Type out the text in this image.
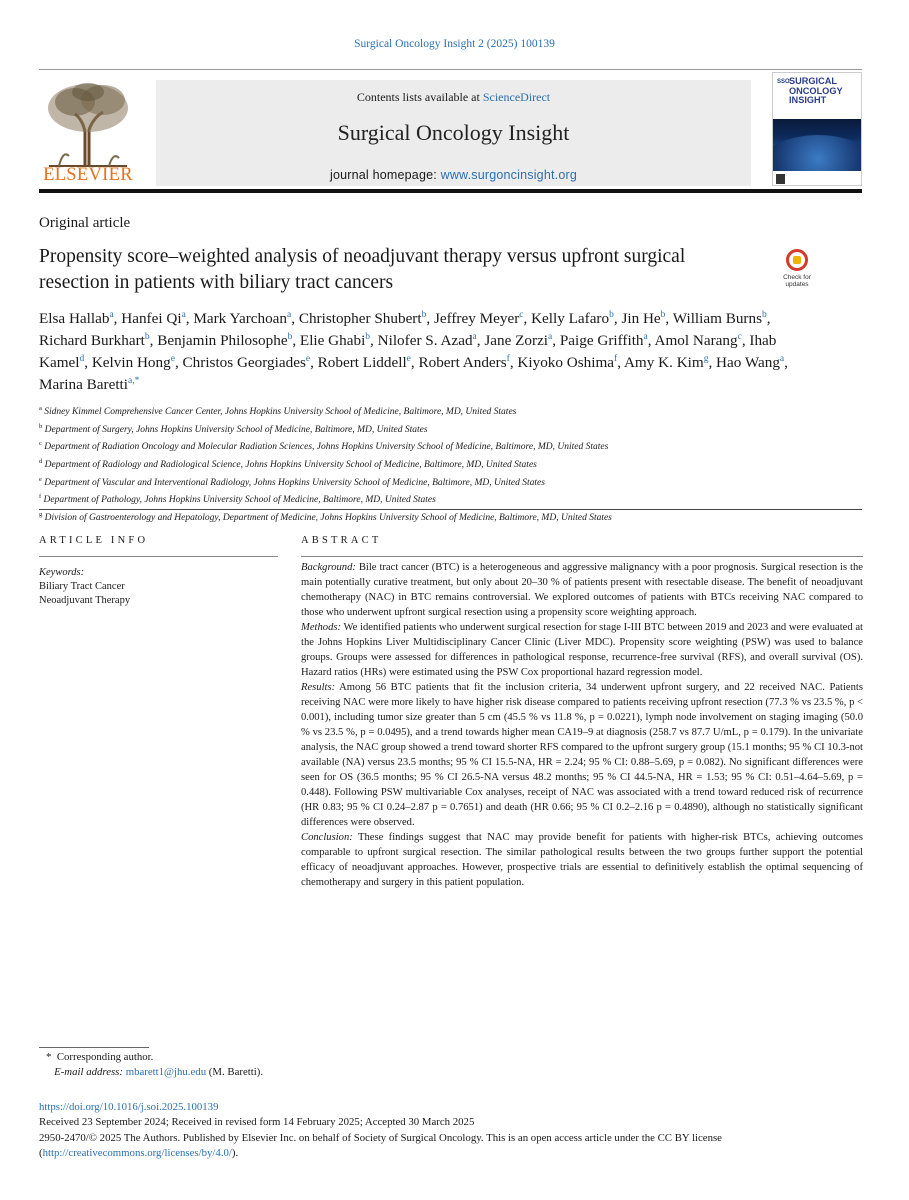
Surgical Oncology Insight 2 (2025) 100139
ELSEVIER
Contents lists available at ScienceDirect
Surgical Oncology Insight
journal homepage: www.surgoncinsight.org
SSO SURGICAL
ONCOLOGY
INSIGHT
Original article
Propensity score–weighted analysis of neoadjuvant therapy versus upfront surgical resection in patients with biliary tract cancers	Check for
updates
Elsa Hallab$^a$, Hanfei Qi$^a$, Mark Yarchoan$^a$, Christopher Shubert$^b$, Jeffrey Meyer$^c$, Kelly Lafaro$^b$, Jin He$^b$, William Burns$^b$, Richard Burkhart$^b$, Benjamin Philosophe$^b$, Elie Ghabi$^b$, Nilofer S. Azad$^a$, Jane Zorzi$^a$, Paige Griffith$^a$, Amol Narang$^c$, Ihab Kamel$^d$, Kelvin Hong$^e$, Christos Georgiades$^e$, Robert Liddell$^e$, Robert Anders$^f$, Kiyoko Oshima$^f$, Amy K. Kim$^g$, Hao Wang$^a$, Marina Baretti$^{a,*}$
$^a$ Sidney Kimmel Comprehensive Cancer Center, Johns Hopkins University School of Medicine, Baltimore, MD, United States
$^b$ Department of Surgery, Johns Hopkins University School of Medicine, Baltimore, MD, United States
$^c$ Department of Radiation Oncology and Molecular Radiation Sciences, Johns Hopkins University School of Medicine, Baltimore, MD, United States
$^d$ Department of Radiology and Radiological Science, Johns Hopkins University School of Medicine, Baltimore, MD, United States
$^e$ Department of Vascular and Interventional Radiology, Johns Hopkins University School of Medicine, Baltimore, MD, United States
$^f$ Department of Pathology, Johns Hopkins University School of Medicine, Baltimore, MD, United States
$^g$ Division of Gastroenterology and Hepatology, Department of Medicine, Johns Hopkins University School of Medicine, Baltimore, MD, United States
ARTICLE INFO
Keywords:
Biliary Tract Cancer
Neoadjuvant Therapy
ABSTRACT
Background: Bile tract cancer (BTC) is a heterogeneous and aggressive malignancy with a poor prognosis. Surgical resection is the main potentially curative treatment, but only about 20–30 % of patients present with resectable disease. The benefit of neoadjuvant chemotherapy (NAC) in BTC remains controversial. We explored outcomes of patients with BTCs receiving NAC compared to those who underwent upfront surgical resection using a propensity score weighting approach.
Methods: We identified patients who underwent surgical resection for stage I-III BTC between 2019 and 2023 and were evaluated at the Johns Hopkins Liver Multidisciplinary Cancer Clinic (Liver MDC). Propensity score weighting (PSW) was used to balance groups. Groups were assessed for differences in pathological response, recurrence-free survival (RFS), and overall survival (OS). Hazard ratios (HRs) were estimated using the PSW Cox proportional hazard regression model.
Results: Among 56 BTC patients that fit the inclusion criteria, 34 underwent upfront surgery, and 22 received NAC. Patients receiving NAC were more likely to have higher risk disease compared to patients receiving upfront resection (77.3 % vs 23.5 %, p < 0.001), including tumor size greater than 5 cm (45.5 % vs 11.8 %, p = 0.0221), lymph node involvement on staging imaging (50.0 % vs 23.5 %, p = 0.0495), and a trend towards higher mean CA19–9 at diagnosis (258.7 vs 87.7 U/mL, p = 0.179). In the univariate analysis, the NAC group showed a trend toward shorter RFS compared to the upfront surgery group (15.1 months; 95 % CI 10.3-not available (NA) versus 23.5 months; 95 % CI 15.5-NA, HR = 2.24; 95 % CI: 0.88–5.69, p = 0.082). No significant differences were seen for OS (36.5 months; 95 % CI 26.5-NA versus 48.2 months; 95 % CI 44.5-NA, HR = 1.53; 95 % CI: 0.51–4.64–5.69, p = 0.448). Following PSW multivariable Cox analyses, receipt of NAC was associated with a trend toward reduced risk of recurrence (HR 0.83; 95 % CI 0.24–2.87 p = 0.7651) and death (HR 0.66; 95 % CI 0.2–2.16 p = 0.4890), although no statistically significant differences were observed.
Conclusion: These findings suggest that NAC may provide benefit for patients with higher-risk BTCs, achieving outcomes comparable to upfront surgical resection. The similar pathological results between the two groups further support the potential efficacy of neoadjuvant approaches. However, prospective trials are essential to definitively establish the optimal sequencing of chemotherapy and surgery in this patient population.
* Corresponding author.
E-mail address: mbarett1@jhu.edu (M. Baretti).
https://doi.org/10.1016/j.soi.2025.100139
Received 23 September 2024; Received in revised form 14 February 2025; Accepted 30 March 2025
2950-2470/© 2025 The Authors. Published by Elsevier Inc. on behalf of Society of Surgical Oncology. This is an open access article under the CC BY license (http://creativecommons.org/licenses/by/4.0/).
